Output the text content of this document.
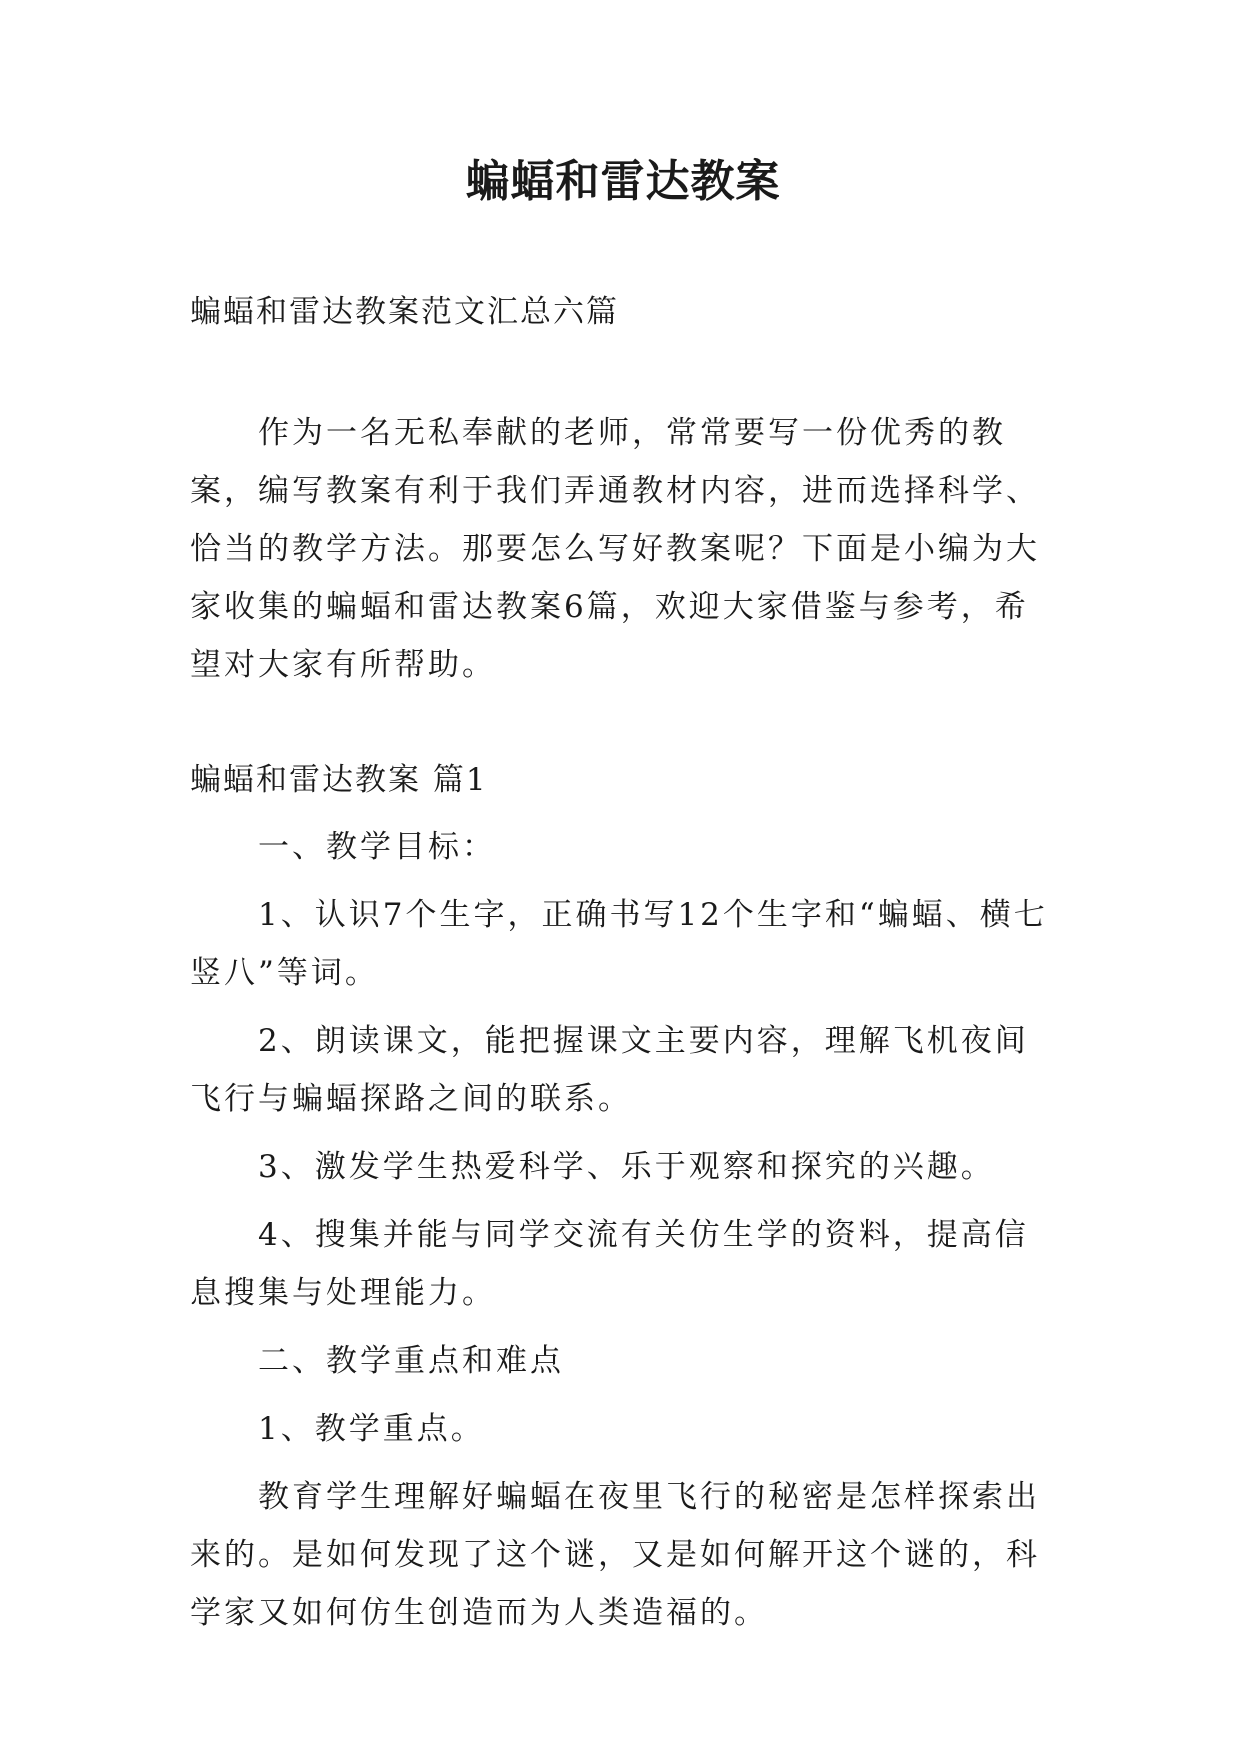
蝙蝠和雷达教案
蝙蝠和雷达教案范文汇总六篇

作为一名无私奉献的老师，常常要写一份优秀的教案，编写教案有利于我们弄通教材内容，进而选择科学、恰当的教学方法。那要怎么写好教案呢？下面是小编为大家收集的蝙蝠和雷达教案6篇，欢迎大家借鉴与参考，希望对大家有所帮助。

蝙蝠和雷达教案 篇1

一、教学目标：

1、认识7个生字，正确书写12个生字和“蝙蝠、横七竖八”等词。

2、朗读课文，能把握课文主要内容，理解飞机夜间飞行与蝙蝠探路之间的联系。

3、激发学生热爱科学、乐于观察和探究的兴趣。

4、搜集并能与同学交流有关仿生学的资料，提高信息搜集与处理能力。

二、教学重点和难点

1、教学重点。

教育学生理解好蝙蝠在夜里飞行的秘密是怎样探索出来的。是如何发现了这个谜，又是如何解开这个谜的，科学家又如何仿生创造而为人类造福的。
